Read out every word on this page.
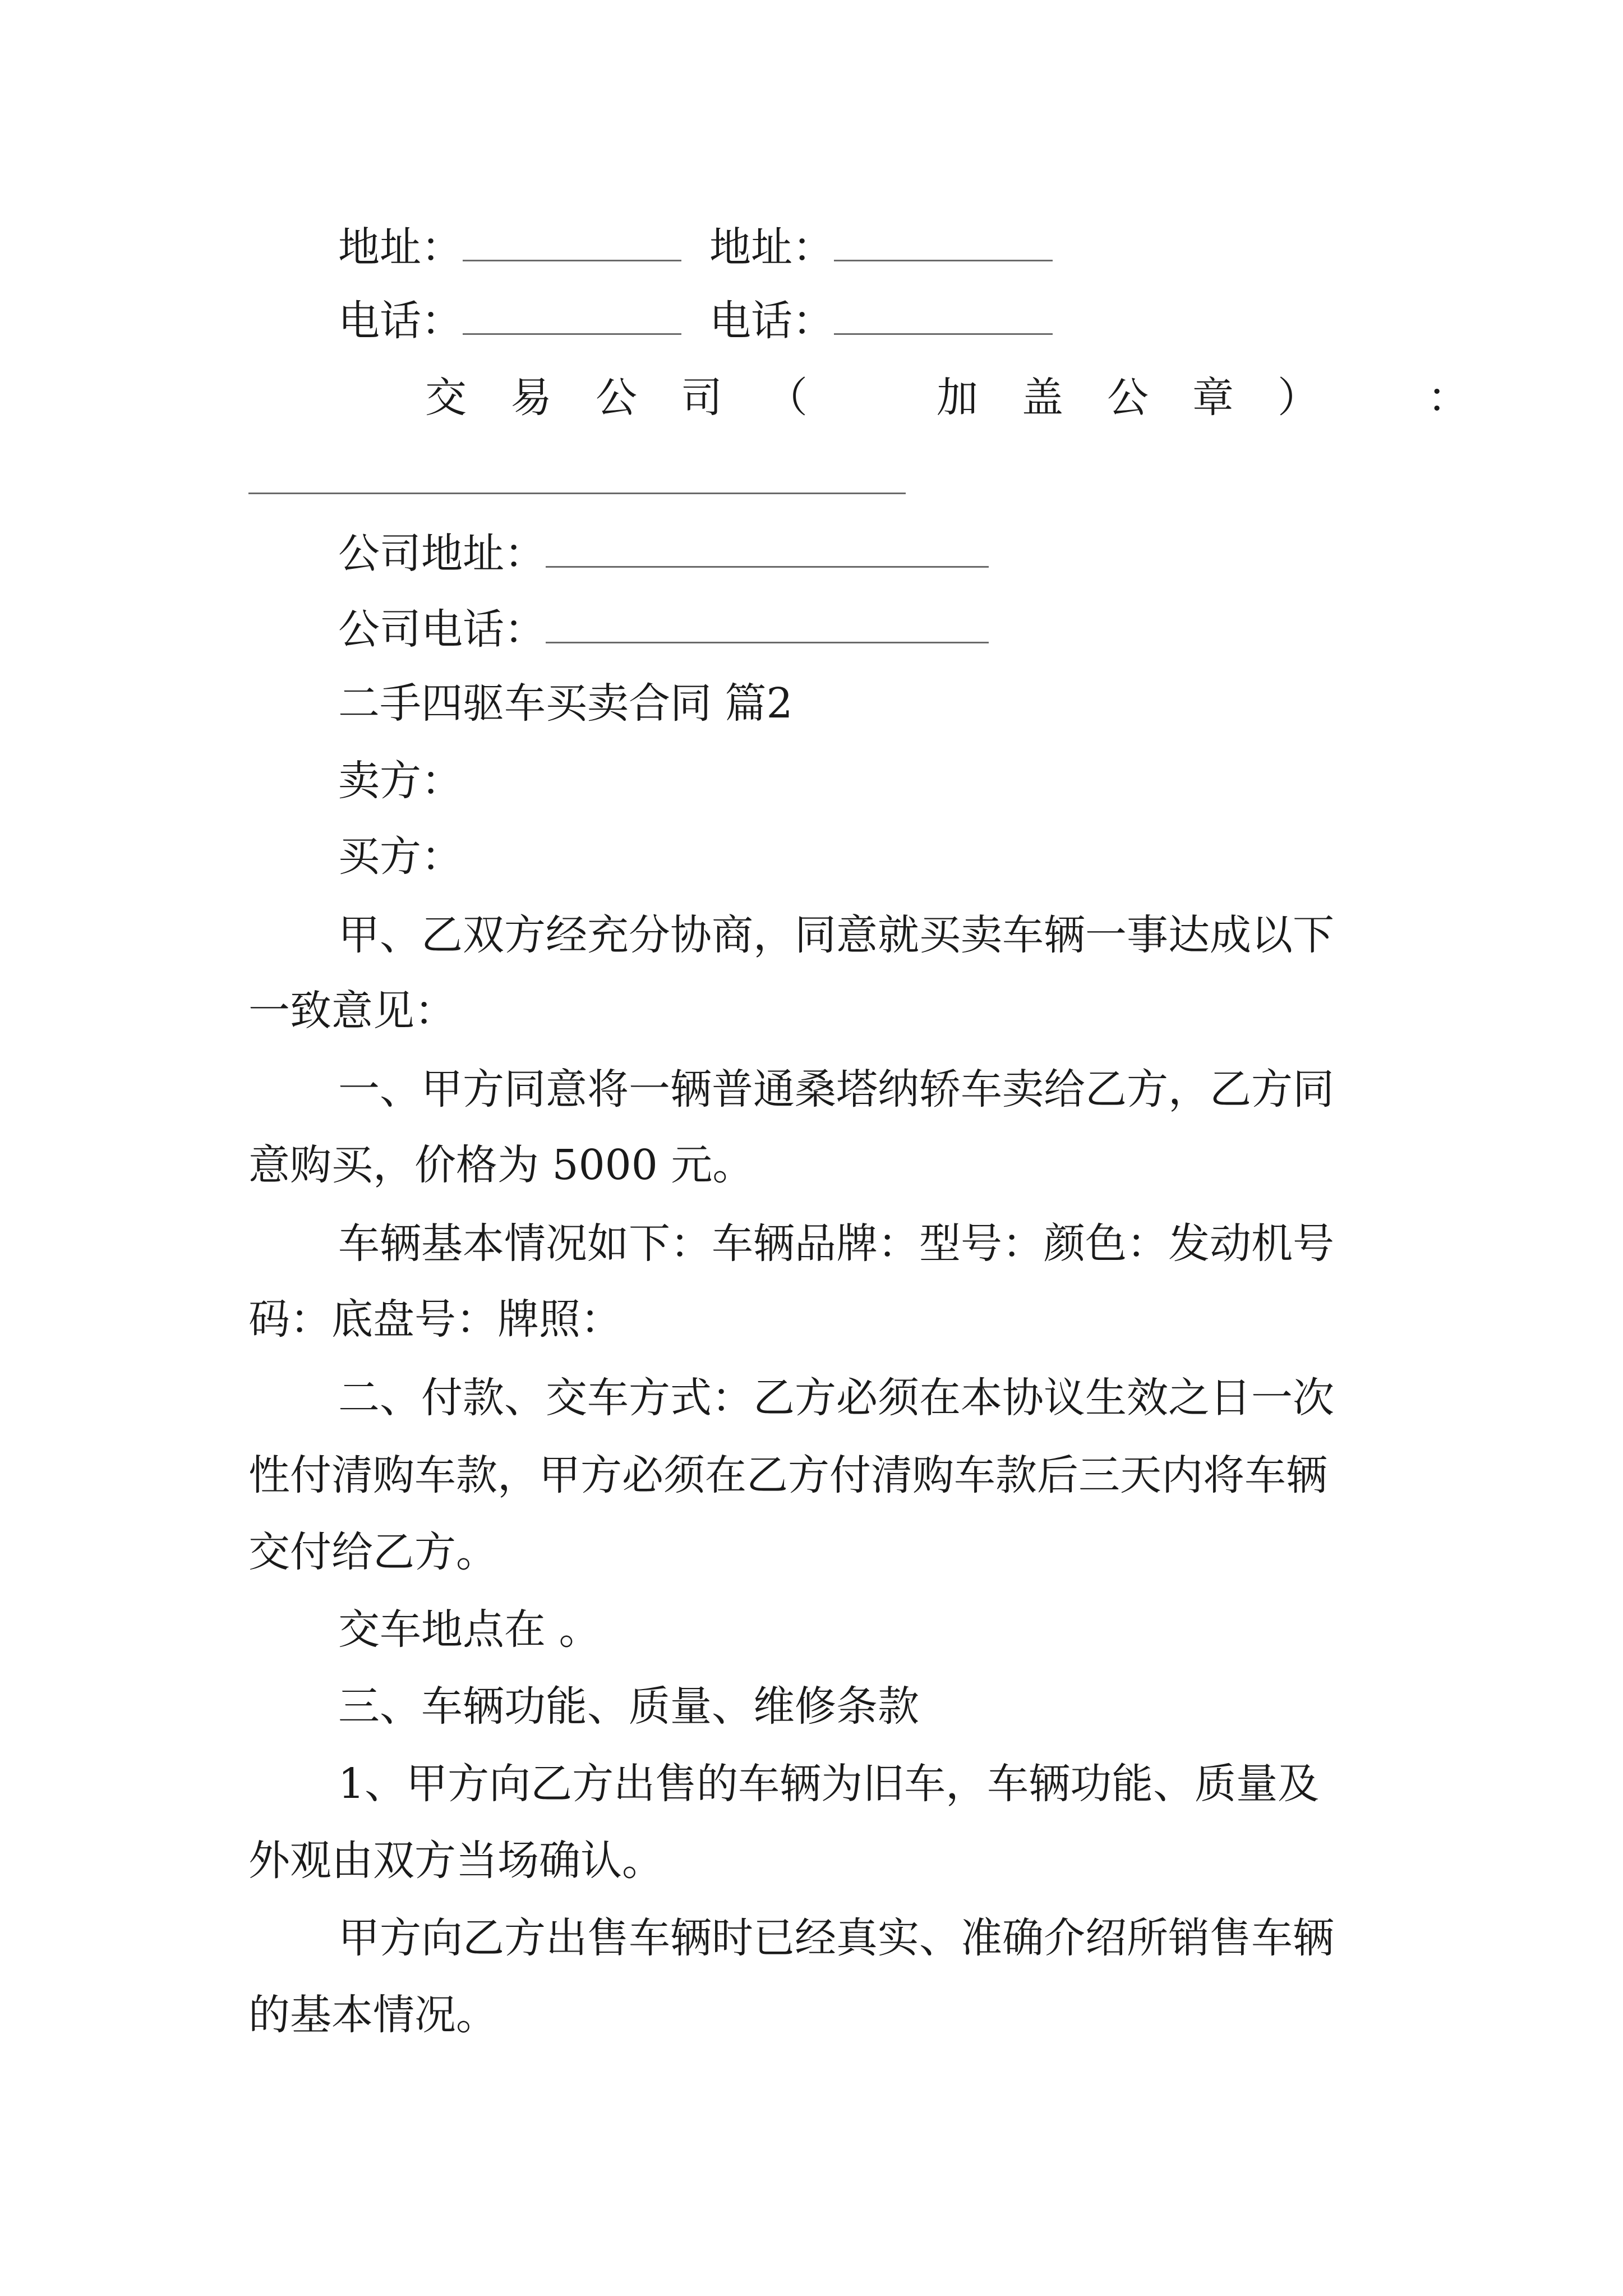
地址：	地址：
电话：	电话：
交易公司（　加盖公章）　：
公司地址：
公司电话：
二手四驱车买卖合同 篇2
卖方：
买方：
甲、乙双方经充分协商，同意就买卖车辆一事达成以下
一致意见：
一、甲方同意将一辆普通桑塔纳轿车卖给乙方，乙方同
意购买，价格为 5000 元。
车辆基本情况如下：车辆品牌：型号：颜色：发动机号
码：底盘号：牌照：
二、付款、交车方式：乙方必须在本协议生效之日一次
性付清购车款，甲方必须在乙方付清购车款后三天内将车辆
交付给乙方。
交车地点在 。
三、车辆功能、质量、维修条款
1、甲方向乙方出售的车辆为旧车，车辆功能、质量及
外观由双方当场确认。
甲方向乙方出售车辆时已经真实、准确介绍所销售车辆
的基本情况。
